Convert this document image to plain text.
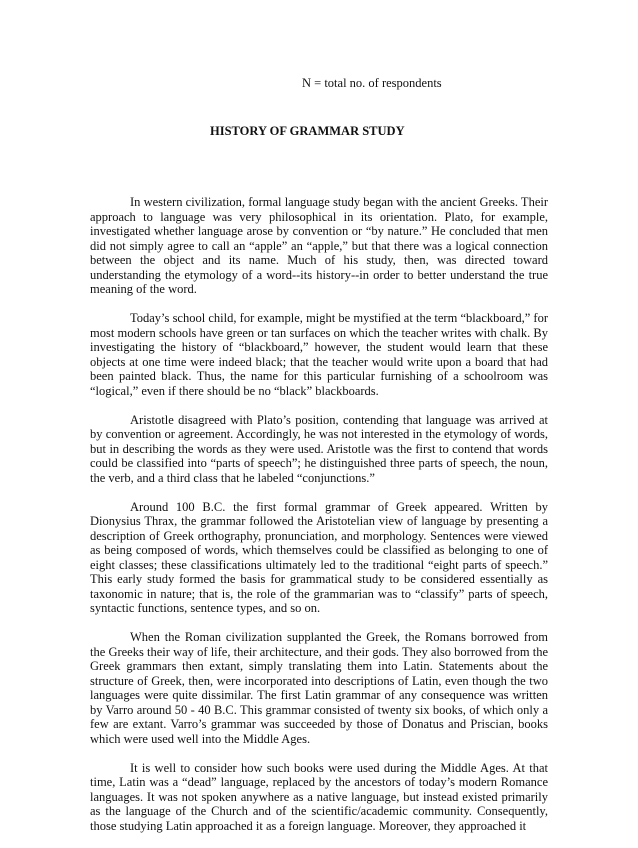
N = total no. of respondents
HISTORY OF GRAMMAR STUDY

In western civilization, formal language study began with the ancient Greeks. Their approach to language was very philosophical in its orientation. Plato, for example, investigated whether language arose by convention or “by nature.” He concluded that men did not simply agree to call an “apple” an “apple,” but that there was a logical connection between the object and its name. Much of his study, then, was directed toward understanding the etymology of a word--its history--in order to better understand the true meaning of the word.

Today’s school child, for example, might be mystified at the term “blackboard,” for most modern schools have green or tan surfaces on which the teacher writes with chalk. By investigating the history of “blackboard,” however, the student would learn that these objects at one time were indeed black; that the teacher would write upon a board that had been painted black. Thus, the name for this particular furnishing of a schoolroom was “logical,” even if there should be no “black” blackboards.

Aristotle disagreed with Plato’s position, contending that language was arrived at by convention or agreement. Accordingly, he was not interested in the etymology of words, but in describing the words as they were used. Aristotle was the first to contend that words could be classified into “parts of speech”; he distinguished three parts of speech, the noun, the verb, and a third class that he labeled “conjunctions.”

Around 100 B.C. the first formal grammar of Greek appeared. Written by Dionysius Thrax, the grammar followed the Aristotelian view of language by presenting a description of Greek orthography, pronunciation, and morphology. Sentences were viewed as being composed of words, which themselves could be classified as belonging to one of eight classes; these classifications ultimately led to the traditional “eight parts of speech.” This early study formed the basis for grammatical study to be considered essentially as taxonomic in nature; that is, the role of the grammarian was to “classify” parts of speech, syntactic functions, sentence types, and so on.

When the Roman civilization supplanted the Greek, the Romans borrowed from the Greeks their way of life, their architecture, and their gods. They also borrowed from the Greek grammars then extant, simply translating them into Latin. Statements about the structure of Greek, then, were incorporated into descriptions of Latin, even though the two languages were quite dissimilar. The first Latin grammar of any consequence was written by Varro around 50 - 40 B.C. This grammar consisted of twenty six books, of which only a few are extant. Varro’s grammar was succeeded by those of Donatus and Priscian, books which were used well into the Middle Ages.

It is well to consider how such books were used during the Middle Ages. At that time, Latin was a “dead” language, replaced by the ancestors of today’s modern Romance languages. It was not spoken anywhere as a native language, but instead existed primarily as the language of the Church and of the scientific/academic community. Consequently, those studying Latin approached it as a foreign language. Moreover, they approached it
